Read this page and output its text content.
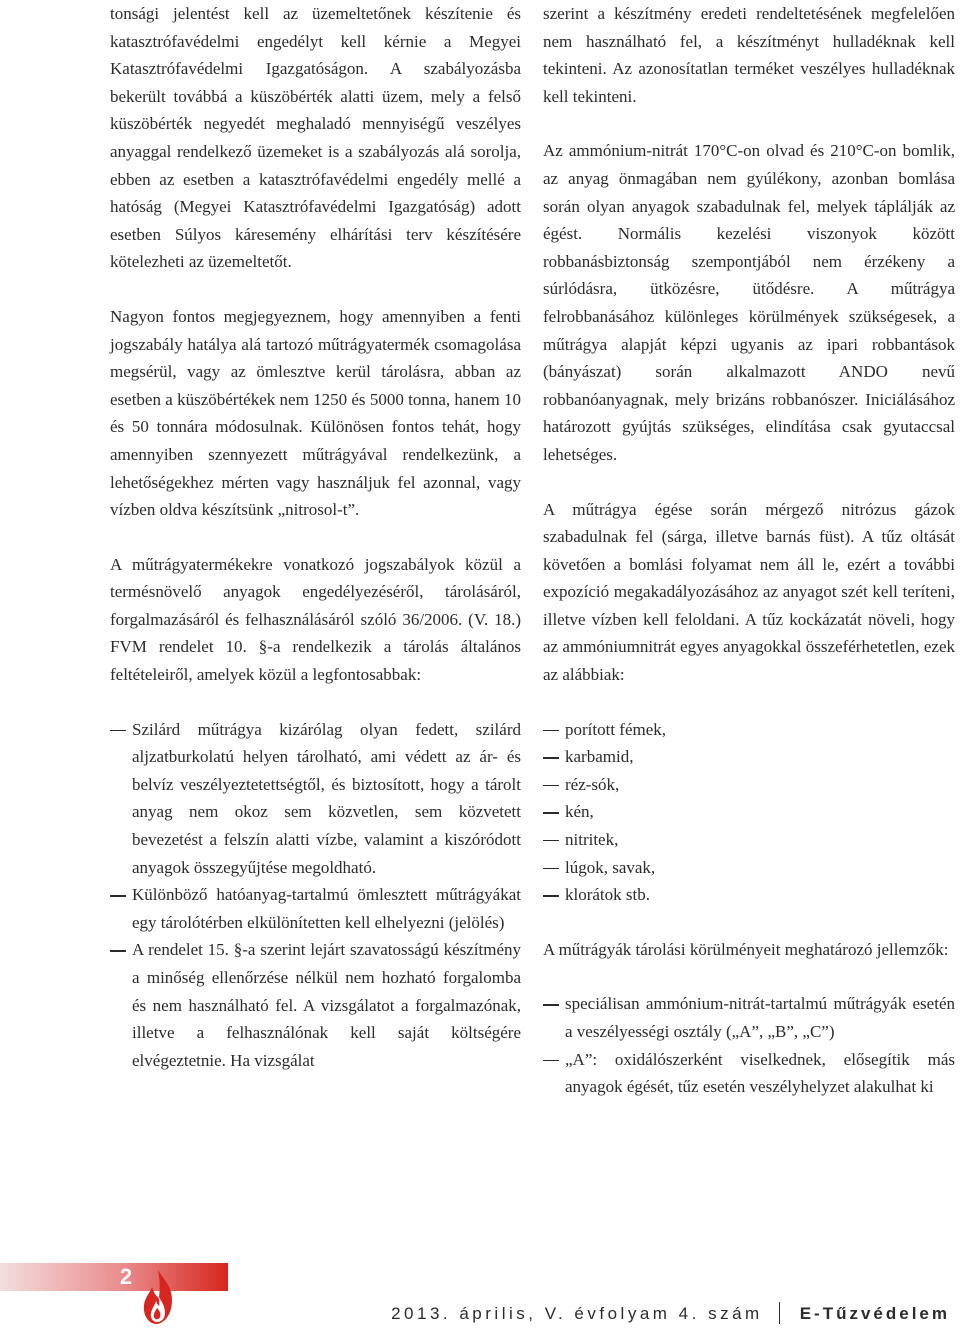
tonsági jelentést kell az üzemeltetőnek készítenie és katasztrófavédelmi engedélyt kell kérnie a Megyei Katasztrófavédelmi Igazgatóságon. A szabályozásba bekerült továbbá a küszöbérték alatti üzem, mely a felső küszöbérték negyedét meghaladó mennyiségű veszélyes anyaggal rendelkező üzemeket is a szabályozás alá sorolja, ebben az esetben a katasztrófavédelmi engedély mellé a hatóság (Megyei Katasztrófavédelmi Igazgatóság) adott esetben Súlyos káresemény elhárítási terv készítésére kötelezheti az üzemeltetőt.

Nagyon fontos megjegyeznem, hogy amennyiben a fenti jogszabály hatálya alá tartozó műtrágyatermék csomagolása megsérül, vagy az ömlesztve kerül tárolásra, abban az esetben a küszöbértékek nem 1250 és 5000 tonna, hanem 10 és 50 tonnára módosulnak. Különösen fontos tehát, hogy amennyiben szennyezett műtrágyával rendelkezünk, a lehetőségekhez mérten vagy használjuk fel azonnal, vagy vízben oldva készítsünk „nitrosol-t”.

A műtrágyatermékekre vonatkozó jogszabályok közül a termésnövelő anyagok engedélyezéséről, tárolásáról, forgalmazásáról és felhasználásáról szóló 36/2006. (V. 18.) FVM rendelet 10. §-a rendelkezik a tárolás általános feltételeiről, amelyek közül a legfontosabbak:

Szilárd műtrágya kizárólag olyan fedett, szilárd aljzatburkolatú helyen tárolható, ami védett az ár- és belvíz veszélyeztetettségtől, és biztosított, hogy a tárolt anyag nem okoz sem közvetlen, sem közvetett bevezetést a felszín alatti vízbe, valamint a kiszóródott anyagok összegyűjtése megoldható.
Különböző hatóanyag-tartalmú ömlesztett műtrágyákat egy tárolótérben elkülönítetten kell elhelyezni (jelölés)
A rendelet 15. §-a szerint lejárt szavatosságú készítmény a minőség ellenőrzése nélkül nem hozható forgalomba és nem használható fel. A vizsgálatot a forgalmazónak, illetve a felhasználónak kell saját költségére elvégeztetnie. Ha vizsgálat

szerint a készítmény eredeti rendeltetésének megfelelően nem használható fel, a készítményt hulladéknak kell tekinteni. Az azonosítatlan terméket veszélyes hulladéknak kell tekinteni.

Az ammónium-nitrát 170°C-on olvad és 210°C-on bomlik, az anyag önmagában nem gyúlékony, azonban bomlása során olyan anyagok szabadulnak fel, melyek táplálják az égést. Normális kezelési viszonyok között robbanásbiztonság szempontjából nem érzékeny a súrlódásra, ütközésre, ütődésre. A műtrágya felrobbanásához különleges körülmények szükségesek, a műtrágya alapját képzi ugyanis az ipari robbantások (bányászat) során alkalmazott ANDO nevű robbanóanyagnak, mely brizáns robbanószer. Iniciálásához határozott gyújtás szükséges, elindítása csak gyutaccsal lehetséges.

A műtrágya égése során mérgező nitrózus gázok szabadulnak fel (sárga, illetve barnás füst). A tűz oltását követően a bomlási folyamat nem áll le, ezért a további expozíció megakadályozásához az anyagot szét kell teríteni, illetve vízben kell feloldani. A tűz kockázatát növeli, hogy az ammóniumnitrát egyes anyagokkal összeférhetetlen, ezek az alábbiak:

porított fémek,
karbamid,
réz-sók,
kén,
nitritek,
lúgok, savak,
klorátok stb.

A műtrágyák tárolási körülményeit meghatározó jellemzők:

speciálisan ammónium-nitrát-tartalmú műtrágyák esetén a veszélyességi osztály („A”, „B”, „C”)
„A”: oxidálószerként viselkednek, elősegítik más anyagok égését, tűz esetén veszélyhelyzet alakulhat ki
2
2013. április, V. évfolyam 4. szám E-Tűzvédelem
